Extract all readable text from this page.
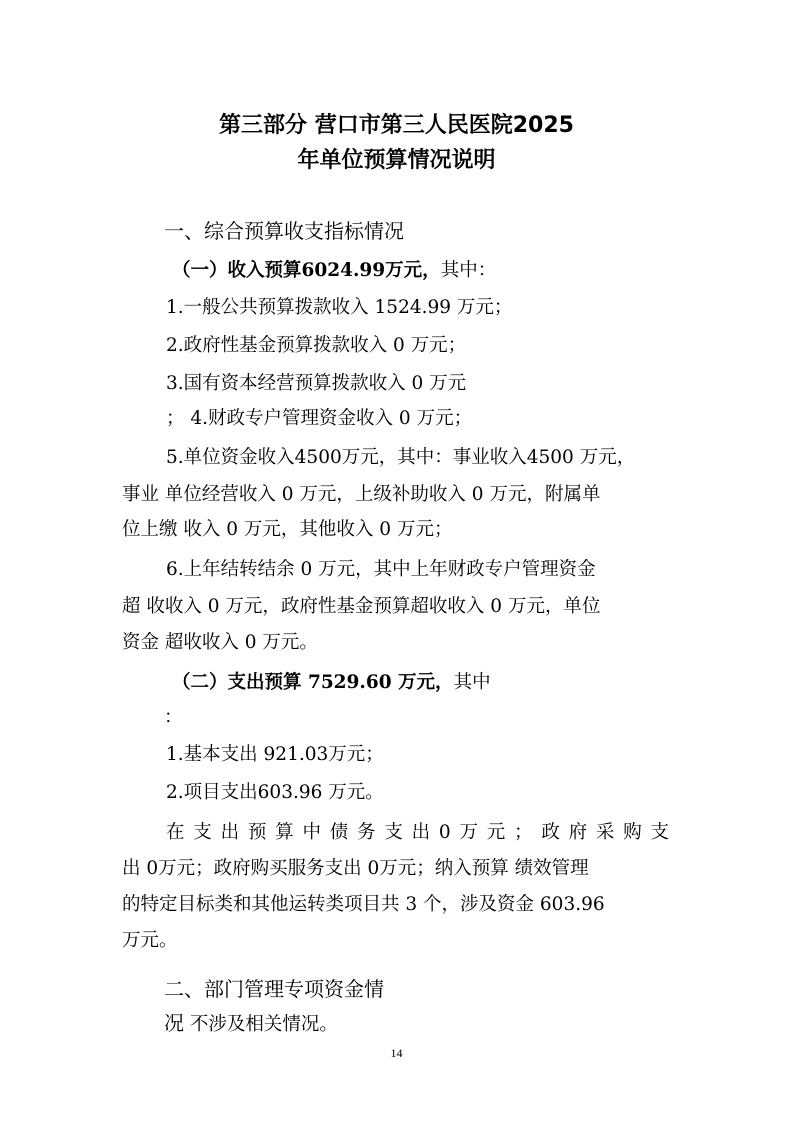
第三部分 营口市第三人民医院2025
年单位预算情况说明
一、综合预算收支指标情况
（一）收入预算6024.99万元，其中：
1.一般公共预算拨款收入 1524.99 万元；
2.政府性基金预算拨款收入 0 万元；
3.国有资本经营预算拨款收入 0 万元
； 4.财政专户管理资金收入 0 万元；
5.单位资金收入4500万元，其中：事业收入4500 万元，
事业 单位经营收入 0 万元，上级补助收入 0 万元，附属单
位上缴 收入 0 万元，其他收入 0 万元；
6.上年结转结余 0 万元，其中上年财政专户管理资金
超 收收入 0 万元，政府性基金预算超收收入 0 万元，单位
资金 超收收入 0 万元。
（二）支出预算 7529.60 万元，其中
：
1.基本支出 921.03万元；
2.项目支出603.96 万元。
在支出预算中债务支出0万元；政府采购支
出 0万元；政府购买服务支出 0万元；纳入预算 绩效管理
的特定目标类和其他运转类项目共 3 个，涉及资金 603.96
万元。
二、部门管理专项资金情
况 不涉及相关情况。
14
